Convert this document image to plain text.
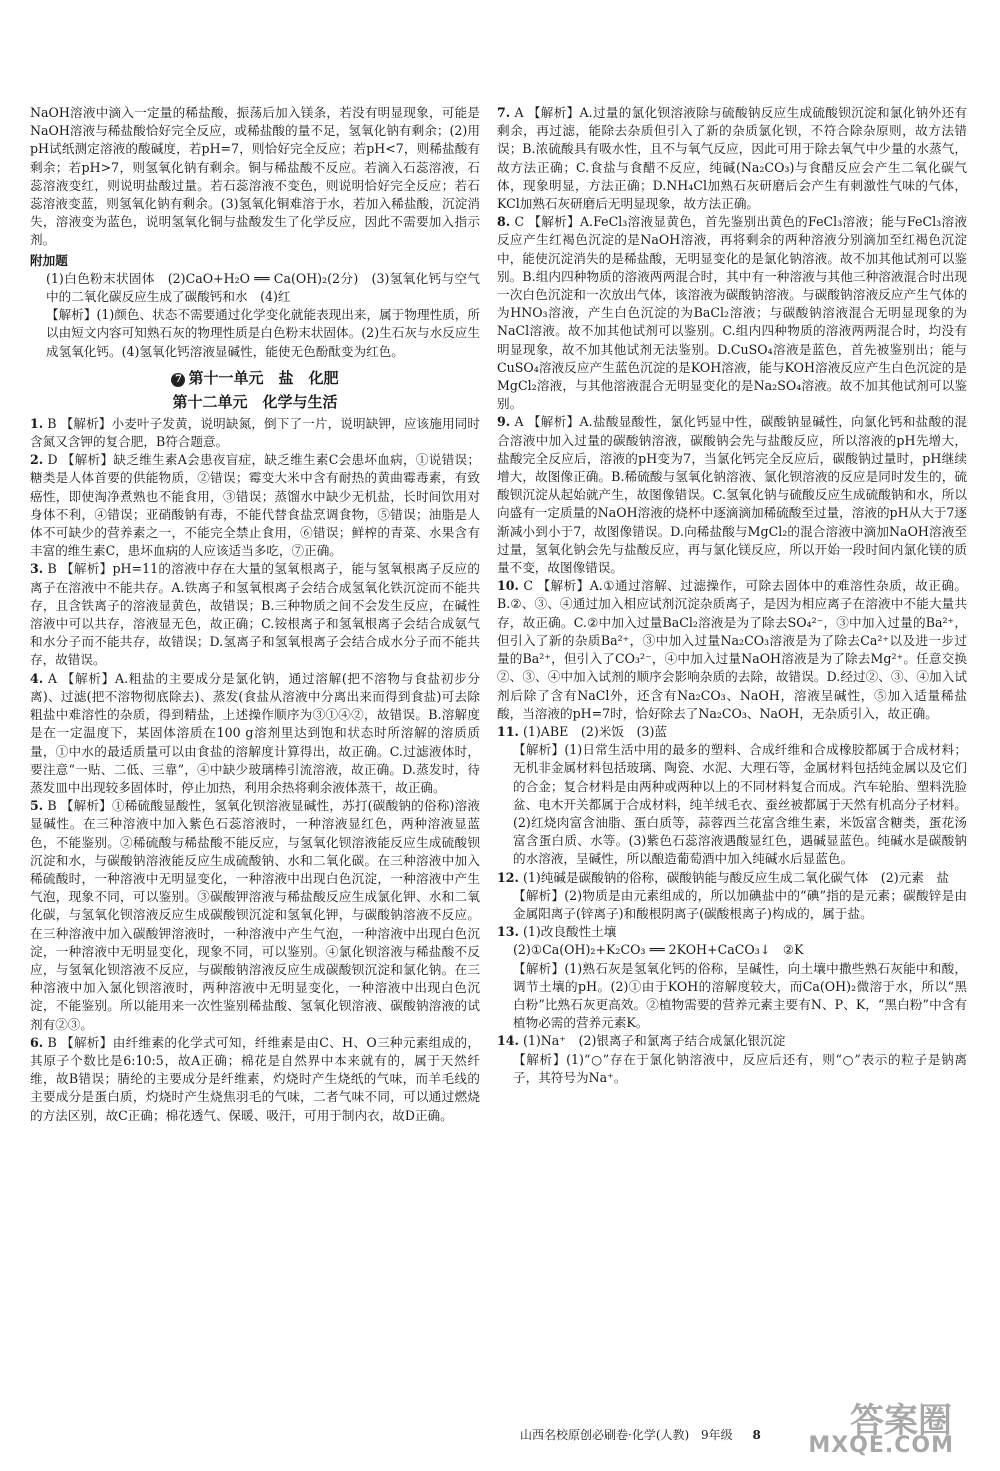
NaOH溶液中滴入一定量的稀盐酸，振荡后加入镁条，若没有明显现象，可能是NaOH溶液与稀盐酸恰好完全反应，或稀盐酸的量不足，氢氧化钠有剩余；(2)用pH试纸测定溶液的酸碱度，若pH=7，则恰好完全反应；若pH<7，则稀盐酸有剩余；若pH>7，则氢氧化钠有剩余。铜与稀盐酸不反应。若滴入石蕊溶液，石蕊溶液变红，则说明盐酸过量。若石蕊溶液不变色，则说明恰好完全反应；若石蕊溶液变蓝，则氢氧化钠有剩余。(3)氢氧化铜难溶于水，若加入稀盐酸，沉淀消失，溶液变为蓝色，说明氢氧化铜与盐酸发生了化学反应，因此不需要加入指示剂。

附加题

(1)白色粉末状固体　(2)CaO+H₂O ══ Ca(OH)₂(2分)　(3)氢氧化钙与空气中的二氧化碳反应生成了碳酸钙和水　(4)红

【解析】(1)颜色、状态不需要通过化学变化就能表现出来，属于物理性质，所以由短文内容可知熟石灰的物理性质是白色粉末状固体。(2)生石灰与水反应生成氢氧化钙。(4)氢氧化钙溶液显碱性，能使无色酚酞变为红色。

7 第十一单元　盐　化肥
第十二单元　化学与生活

1. B 【解析】小麦叶子发黄，说明缺氮，倒下了一片，说明缺钾，应该施用同时含氮又含钾的复合肥，B符合题意。

2. D 【解析】缺乏维生素A会患夜盲症，缺乏维生素C会患坏血病，①说错误；糖类是人体首要的供能物质，②错误；霉变大米中含有耐热的黄曲霉毒素，有致癌性，即使淘净煮熟也不能食用，③错误；蒸馏水中缺少无机盐，长时间饮用对身体不利，④错误；亚硝酸钠有毒，不能代替食盐烹调食物，⑤错误；油脂是人体不可缺少的营养素之一，不能完全禁止食用，⑥错误；鲜榨的青菜、水果含有丰富的维生素C，患坏血病的人应该适当多吃，⑦正确。

3. B 【解析】pH=11的溶液中存在大量的氢氧根离子，能与氢氧根离子反应的离子在溶液中不能共存。A.铁离子和氢氧根离子会结合成氢氧化铁沉淀而不能共存，且含铁离子的溶液显黄色，故错误；B.三种物质之间不会发生反应，在碱性溶液中可以共存，溶液显无色，故正确；C.铵根离子和氢氧根离子会结合成氨气和水分子而不能共存，故错误；D.氢离子和氢氧根离子会结合成水分子而不能共存，故错误。

4. A 【解析】A.粗盐的主要成分是氯化钠，通过溶解(把不溶物与食盐初步分离)、过滤(把不溶物彻底除去)、蒸发(食盐从溶液中分离出来而得到食盐)可去除粗盐中难溶性的杂质，得到精盐，上述操作顺序为③①④②，故错误。B.溶解度是在一定温度下，某固体溶质在100 g溶剂里达到饱和状态时所溶解的溶质质量，①中水的最适质量可以由食盐的溶解度计算得出，故正确。C.过滤液体时，要注意“一贴、二低、三靠”，④中缺少玻璃棒引流溶液，故正确。D.蒸发时，待蒸发皿中出现较多固体时，停止加热，利用余热将剩余液体蒸干，故正确。

5. B 【解析】①稀硫酸显酸性，氢氧化钡溶液显碱性，苏打(碳酸钠的俗称)溶液显碱性。在三种溶液中加入紫色石蕊溶液时，一种溶液显红色，两种溶液显蓝色，不能鉴别。②稀硫酸与稀盐酸不能反应，与氢氧化钡溶液能反应生成硫酸钡沉淀和水，与碳酸钠溶液能反应生成硫酸钠、水和二氧化碳。在三种溶液中加入稀硫酸时，一种溶液中无明显变化，一种溶液中出现白色沉淀，一种溶液中产生气泡，现象不同，可以鉴别。③碳酸钾溶液与稀盐酸反应生成氯化钾、水和二氧化碳，与氢氧化钡溶液反应生成碳酸钡沉淀和氢氧化钾，与碳酸钠溶液不反应。在三种溶液中加入碳酸钾溶液时，一种溶液中产生气泡，一种溶液中出现白色沉淀，一种溶液中无明显变化，现象不同，可以鉴别。④氯化钡溶液与稀盐酸不反应，与氢氧化钡溶液不反应，与碳酸钠溶液反应生成碳酸钡沉淀和氯化钠。在三种溶液中加入氯化钡溶液时，两种溶液中无明显变化，一种溶液中出现白色沉淀，不能鉴别。所以能用来一次性鉴别稀盐酸、氢氧化钡溶液、碳酸钠溶液的试剂有②③。

6. B 【解析】由纤维素的化学式可知，纤维素是由C、H、O三种元素组成的，其原子个数比是6:10:5，故A正确；棉花是自然界中本来就有的，属于天然纤维，故B错误；腈纶的主要成分是纤维素，灼烧时产生烧纸的气味，而羊毛线的主要成分是蛋白质，灼烧时产生烧焦羽毛的气味，二者气味不同，可以通过燃烧的方法区别，故C正确；棉花透气、保暖、吸汗，可用于制内衣，故D正确。

7. A 【解析】A.过量的氯化钡溶液除与硫酸钠反应生成硫酸钡沉淀和氯化钠外还有剩余，再过滤，能除去杂质但引入了新的杂质氯化钡，不符合除杂原则，故方法错误；B.浓硫酸具有吸水性，且不与氧气反应，因此可用于除去氧气中少量的水蒸气，故方法正确；C.食盐与食醋不反应，纯碱(Na₂CO₃)与食醋反应会产生二氧化碳气体，现象明显，方法正确；D.NH₄Cl加熟石灰研磨后会产生有刺激性气味的气体，KCl加熟石灰研磨后无明显现象，故方法正确。

8. C 【解析】A.FeCl₃溶液显黄色，首先鉴别出黄色的FeCl₃溶液；能与FeCl₃溶液反应产生红褐色沉淀的是NaOH溶液，再将剩余的两种溶液分别滴加至红褐色沉淀中，能使沉淀消失的是稀盐酸，无明显变化的是氯化钠溶液。故不加其他试剂可以鉴别。B.组内四种物质的溶液两两混合时，其中有一种溶液与其他三种溶液混合时出现一次白色沉淀和一次放出气体，该溶液为碳酸钠溶液。与碳酸钠溶液反应产生气体的为HNO₃溶液，产生白色沉淀的为BaCl₂溶液；与碳酸钠溶液混合无明显现象的为NaCl溶液。故不加其他试剂可以鉴别。C.组内四种物质的溶液两两混合时，均没有明显现象，故不加其他试剂无法鉴别。D.CuSO₄溶液是蓝色，首先被鉴别出；能与CuSO₄溶液反应产生蓝色沉淀的是KOH溶液，能与KOH溶液反应产生白色沉淀的是MgCl₂溶液，与其他溶液混合无明显变化的是Na₂SO₄溶液。故不加其他试剂可以鉴别。

9. A 【解析】A.盐酸显酸性，氯化钙显中性，碳酸钠显碱性，向氯化钙和盐酸的混合溶液中加入过量的碳酸钠溶液，碳酸钠会先与盐酸反应，所以溶液的pH先增大，盐酸完全反应后，溶液的pH变为7，当氯化钙完全反应后，碳酸钠过量时，pH继续增大，故图像正确。B.稀硫酸与氢氧化钠溶液、氯化钡溶液的反应是同时发生的，硫酸钡沉淀从起始就产生，故图像错误。C.氢氧化钠与硫酸反应生成硫酸钠和水，所以向盛有一定质量的NaOH溶液的烧杯中逐滴滴加稀硫酸至过量，溶液的pH从大于7逐渐减小到小于7，故图像错误。D.向稀盐酸与MgCl₂的混合溶液中滴加NaOH溶液至过量，氢氧化钠会先与盐酸反应，再与氯化镁反应，所以开始一段时间内氯化镁的质量不变，故图像错误。

10. C 【解析】A.①通过溶解、过滤操作，可除去固体中的难溶性杂质，故正确。B.②、③、④通过加入相应试剂沉淀杂质离子，是因为相应离子在溶液中不能大量共存，故正确。C.②中加入过量BaCl₂溶液是为了除去SO₄²⁻，③中加入过量的Ba²⁺，但引入了新的杂质Ba²⁺，③中加入过量Na₂CO₃溶液是为了除去Ca²⁺以及进一步过量的Ba²⁺，但引入了CO₃²⁻，④中加入过量NaOH溶液是为了除去Mg²⁺。任意交换②、③、④中加入试剂的顺序会影响杂质的去除，故错误。D.经过②、③、④加入试剂后除了含有NaCl外，还含有Na₂CO₃、NaOH，溶液呈碱性，⑤加入适量稀盐酸，当溶液的pH=7时，恰好除去了Na₂CO₃、NaOH，无杂质引入，故正确。

11. (1)ABE　(2)米饭　(3)蓝

【解析】(1)日常生活中用的最多的塑料、合成纤维和合成橡胶都属于合成材料；无机非金属材料包括玻璃、陶瓷、水泥、大理石等，金属材料包括纯金属以及它们的合金；复合材料是由两种或两种以上的不同材料复合而成。汽车轮胎、塑料洗脸盆、电木开关都属于合成材料，纯羊绒毛衣、蚕丝被都属于天然有机高分子材料。(2)红烧肉富含油脂、蛋白质等，蒜蓉西兰花富含维生素，米饭富含糖类，蛋花汤富含蛋白质、水等。(3)紫色石蕊溶液遇酸显红色，遇碱显蓝色。纯碱水是碳酸钠的水溶液，呈碱性，所以酿造葡萄酒中加入纯碱水后显蓝色。

12. (1)纯碱是碳酸钠的俗称，碳酸钠能与酸反应生成二氧化碳气体　(2)元素　盐

【解析】(2)物质是由元素组成的，所以加碘盐中的“碘”指的是元素；碳酸锌是由金属阳离子(锌离子)和酸根阴离子(碳酸根离子)构成的，属于盐。

13. (1)改良酸性土壤

(2)①Ca(OH)₂+K₂CO₃ ══ 2KOH+CaCO₃↓　②K

【解析】(1)熟石灰是氢氧化钙的俗称，呈碱性，向土壤中撒些熟石灰能中和酸，调节土壤的pH。(2)①由于KOH的溶解度较大，而Ca(OH)₂微溶于水，所以“黑白粉”比熟石灰更高效。②植物需要的营养元素主要有N、P、K，“黑白粉”中含有植物必需的营养元素K。

14. (1)Na⁺　(2)银离子和氯离子结合成氯化银沉淀

【解析】(1)“○”存在于氯化钠溶液中，反应后还有，则“○”表示的粒子是钠离子，其符号为Na⁺。

山西名校原创必刷卷·化学(人教) 9年级 8	答案圈
MXQE.COM
